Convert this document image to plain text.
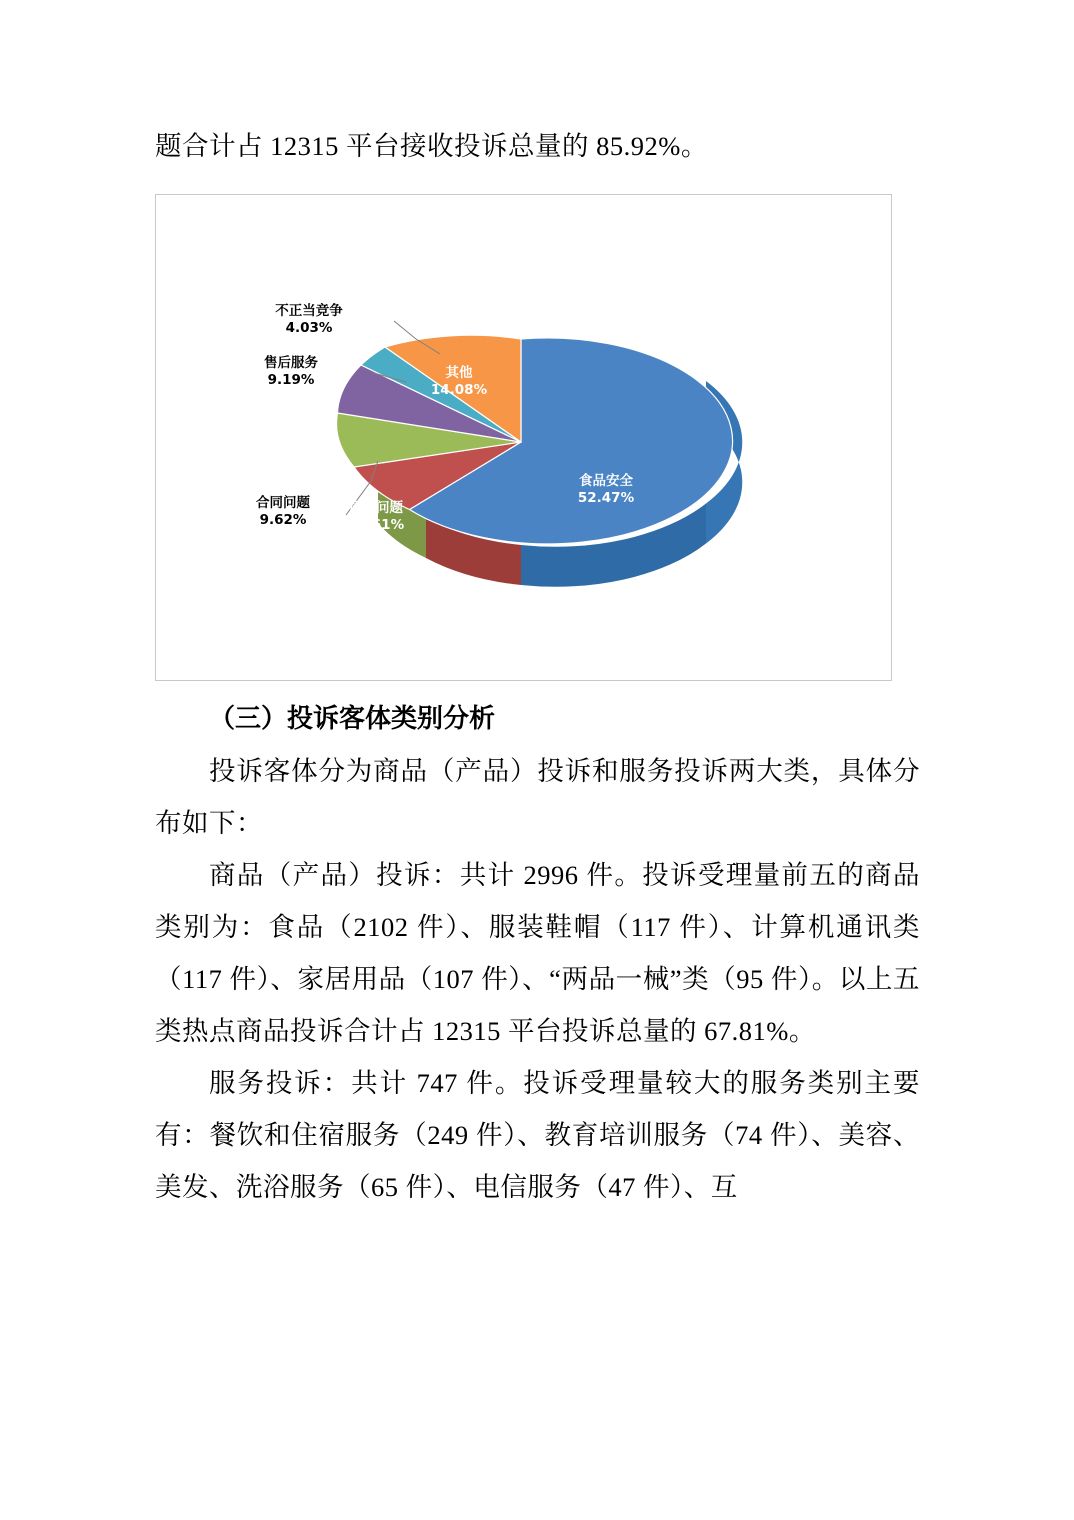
题合计占 12315 平台接收投诉总量的 85.92%。

其他
14.08%
食品安全
52.47%
质量问题
10.61%
不正当竞争
4.03%
售后服务
9.19%
合同问题
9.62%

（三）投诉客体类别分析

投诉客体分为商品（产品）投诉和服务投诉两大类，具体分布如下：

商品（产品）投诉：共计 2996 件。投诉受理量前五的商品类别为：食品（2102 件）、服装鞋帽（117 件）、计算机通讯类（117 件）、家居用品（107 件）、“两品一械”类（95 件）。以上五类热点商品投诉合计占 12315 平台投诉总量的 67.81%。

服务投诉：共计 747 件。投诉受理量较大的服务类别主要有：餐饮和住宿服务（249 件）、教育培训服务（74 件）、美容、美发、洗浴服务（65 件）、电信服务（47 件）、互
